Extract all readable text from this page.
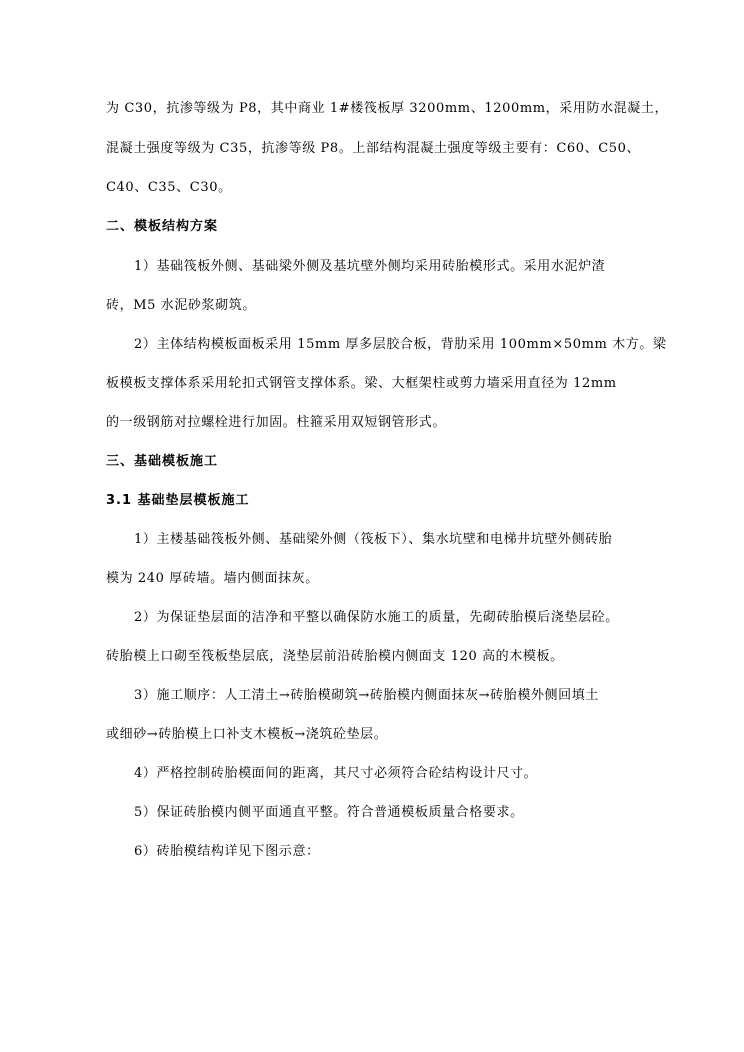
为 C30，抗渗等级为 P8，其中商业 1#楼筏板厚 3200mm、1200mm，采用防水混凝土，
混凝土强度等级为 C35，抗渗等级 P8。上部结构混凝土强度等级主要有：C60、C50、
C40、C35、C30。
二、模板结构方案
1）基础筏板外侧、基础梁外侧及基坑壁外侧均采用砖胎模形式。采用水泥炉渣
砖，M5 水泥砂浆砌筑。
2）主体结构模板面板采用 15mm 厚多层胶合板，背肋采用 100mm×50mm 木方。梁
板模板支撑体系采用轮扣式钢管支撑体系。梁、大框架柱或剪力墙采用直径为 12mm
的一级钢筋对拉螺栓进行加固。柱箍采用双短钢管形式。
三、基础模板施工
3.1 基础垫层模板施工
1）主楼基础筏板外侧、基础梁外侧（筏板下）、集水坑壁和电梯井坑壁外侧砖胎
模为 240 厚砖墙。墙内侧面抹灰。
2）为保证垫层面的洁净和平整以确保防水施工的质量，先砌砖胎模后浇垫层砼。
砖胎模上口砌至筏板垫层底，浇垫层前沿砖胎模内侧面支 120 高的木模板。
3）施工顺序：人工清土→砖胎模砌筑→砖胎模内侧面抹灰→砖胎模外侧回填土
或细砂→砖胎模上口补支木模板→浇筑砼垫层。
4）严格控制砖胎模面间的距离，其尺寸必须符合砼结构设计尺寸。
5）保证砖胎模内侧平面通直平整。符合普通模板质量合格要求。
6）砖胎模结构详见下图示意：
